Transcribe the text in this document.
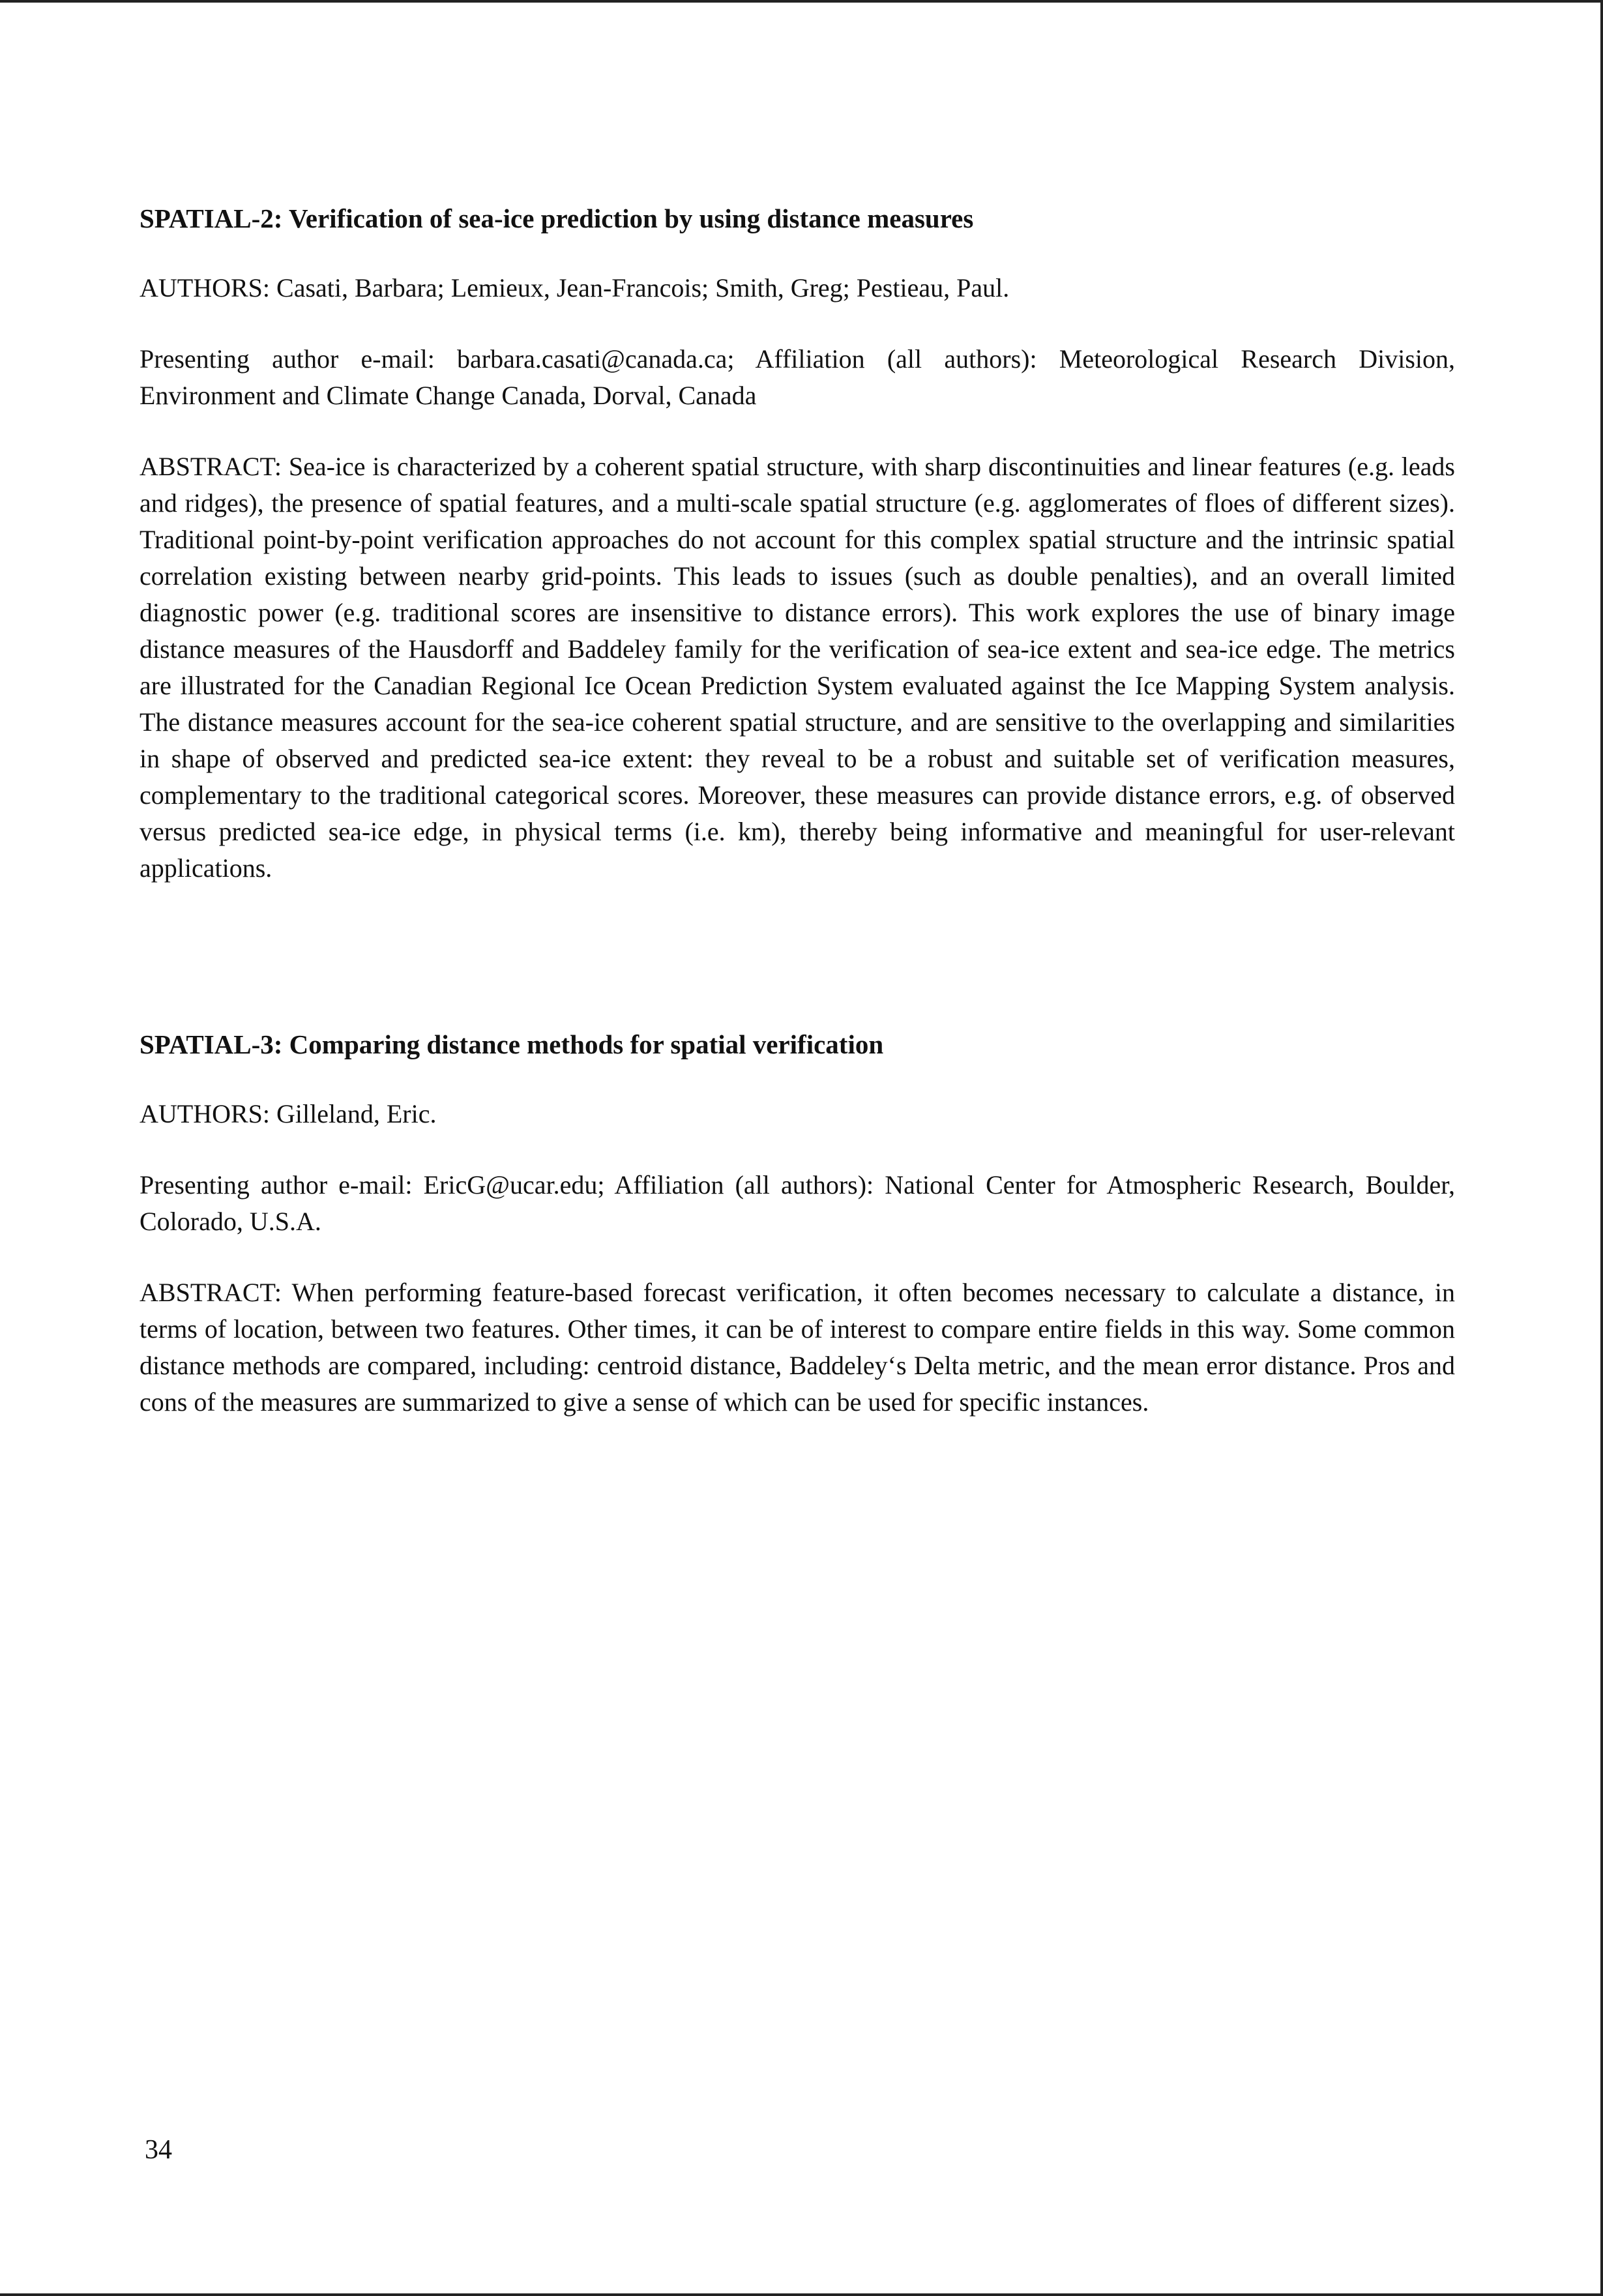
SPATIAL-2: Verification of sea-ice prediction by using distance measures

AUTHORS: Casati, Barbara; Lemieux, Jean-Francois; Smith, Greg; Pestieau, Paul.

Presenting author e-mail: barbara.casati@canada.ca; Affiliation (all authors): Meteorological Research Division, Environment and Climate Change Canada, Dorval, Canada

ABSTRACT: Sea-ice is characterized by a coherent spatial structure, with sharp discontinuities and linear features (e.g. leads and ridges), the presence of spatial features, and a multi-scale spatial structure (e.g. agglomerates of floes of different sizes). Traditional point-by-point verification approaches do not account for this complex spatial structure and the intrinsic spatial correlation existing between nearby grid-points. This leads to issues (such as double penalties), and an overall limited diagnostic power (e.g. traditional scores are insensitive to distance errors). This work explores the use of binary image distance measures of the Hausdorff and Baddeley family for the verification of sea-ice extent and sea-ice edge. The metrics are illustrated for the Canadian Regional Ice Ocean Prediction System evaluated against the Ice Mapping System analysis. The distance measures account for the sea-ice coherent spatial structure, and are sensitive to the overlapping and similarities in shape of observed and predicted sea-ice extent: they reveal to be a robust and suitable set of verification measures, complementary to the traditional categorical scores. Moreover, these measures can provide distance errors, e.g. of observed versus predicted sea-ice edge, in physical terms (i.e. km), thereby being informative and meaningful for user-relevant applications.

SPATIAL-3: Comparing distance methods for spatial verification

AUTHORS: Gilleland, Eric.

Presenting author e-mail: EricG@ucar.edu; Affiliation (all authors): National Center for Atmospheric Research, Boulder, Colorado, U.S.A.

ABSTRACT: When performing feature-based forecast verification, it often becomes necessary to calculate a distance, in terms of location, between two features. Other times, it can be of interest to compare entire fields in this way. Some common distance methods are compared, including: centroid distance, Baddeley‘s Delta metric, and the mean error distance. Pros and cons of the measures are summarized to give a sense of which can be used for specific instances.

34
